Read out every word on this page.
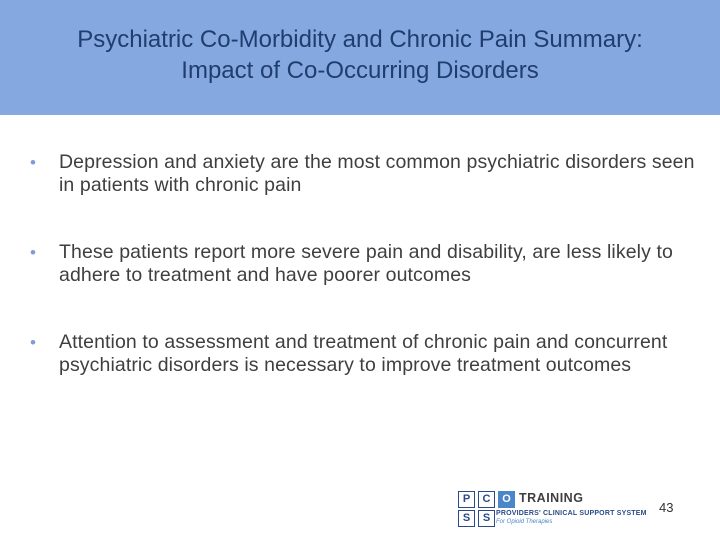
Psychiatric Co-Morbidity and Chronic Pain Summary:
Impact of Co-Occurring Disorders
•	Depression and anxiety are the most common psychiatric disorders seen in patients with chronic pain
•	These patients report more severe pain and disability, are less likely to adhere to treatment and have poorer outcomes
•	Attention to assessment and treatment of chronic pain and concurrent psychiatric disorders is necessary to improve treatment outcomes
P	C	O
S	S
TRAINING
PROVIDERS' CLINICAL SUPPORT SYSTEM
For Opioid Therapies
43
